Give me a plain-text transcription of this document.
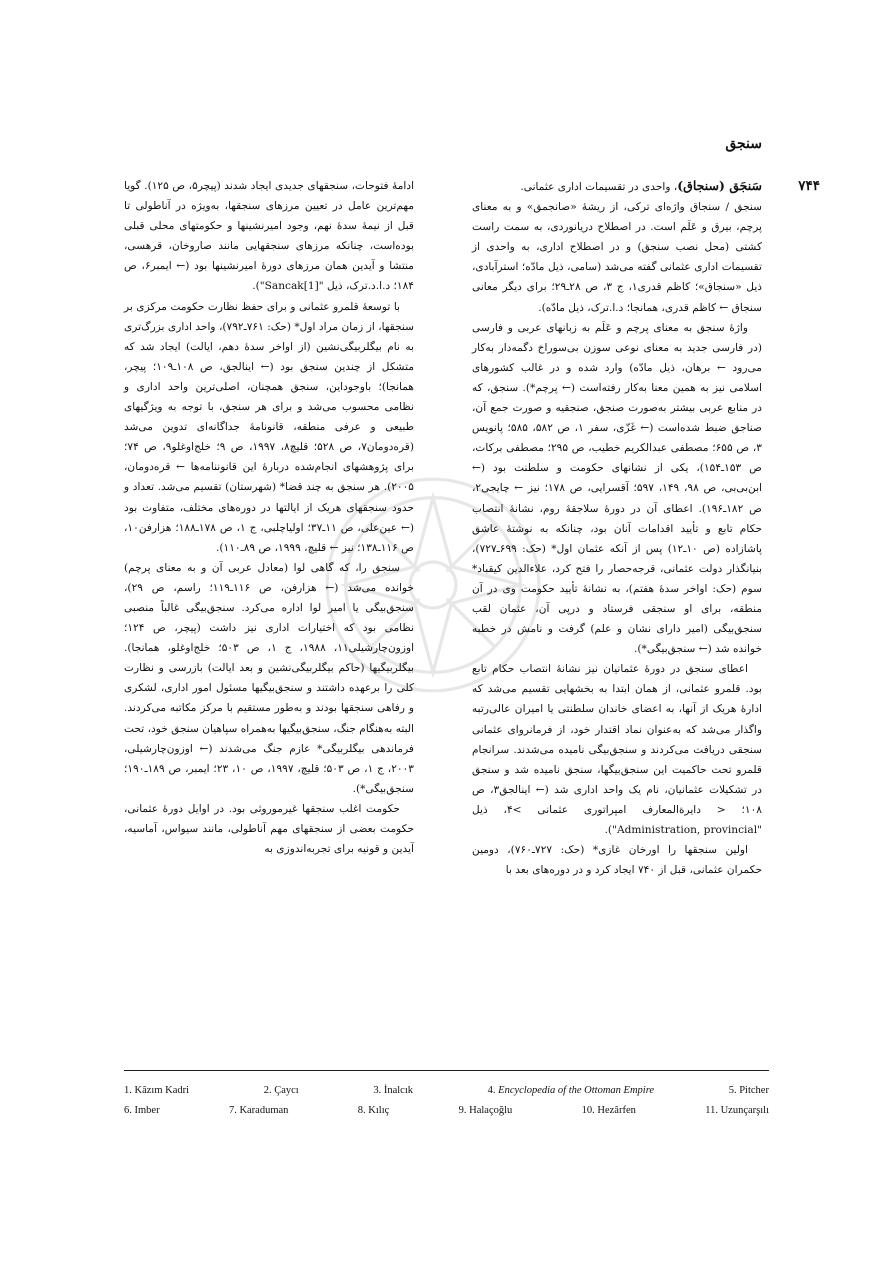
سنجق
۷۴۴

سَنجَق (سنجاق)، واحدی در تقسیمات اداری عثمانی.

سنجق / سنجاق واژه‌ای ترکی، از ریشهٔ «صانجمق» و به معنای پرچم، بیرق و عَلَم است. در اصطلاح دریانوردی، به سمت راست کشتی (محل نصب سنجق) و در اصطلاح اداری، به واحدی از تقسیمات اداری عثمانی گفته می‌شد (سامی، ذیل مادّه؛ استرآبادی، ذیل «سنجاق»؛ کاظم قدری۱، ج ۳، ص ۲۸ـ۲۹؛ برای دیگر معانی سنجاق ← کاظم قدری، همانجا؛ د.ا.ترک، ذیل مادّه).

واژهٔ سنجق به معنای پرچم و عَلَم به زبانهای عربی و فارسی (در فارسی جدید به معنای نوعی سوزن بی‌سوراخ دگمه‌دار به‌کار می‌رود ← برهان، ذیل مادّه) وارد شده و در غالب کشورهای اسلامی نیز به همین معنا به‌کار رفته‌است (← پرچم*). سنجق، که در منابع عربی بیشتر به‌صورت صنجق، صنجقیه و صورت جمع آن، صناجق ضبط شده‌است (← غَزّی، سفر ۱، ص ۵۸۲، ۵۸۵؛ پانویس ۳، ص ۶۵۵؛ مصطفی عبدالکریم خطیب، ص ۲۹۵؛ مصطفی برکات، ص ۱۵۳ـ۱۵۴)، یکی از نشانهای حکومت و سلطنت بود (← ابن‌بی‌بی، ص ۹۸، ۱۴۹، ۵۹۷؛ آقسرایی، ص ۱۷۸؛ نیز ← چایجی۲، ص ۱۸۲ـ۱۹۶). اعطای آن در دورهٔ سلاجقهٔ روم، نشانهٔ انتصاب حکام تابع و تأیید اقدامات آنان بود، چنانکه به نوشتهٔ عاشق پاشازاده (ص ۱۰ـ۱۲) پس از آنکه عثمان اول* (حک: ۶۹۹ـ۷۲۷)، بنیانگذار دولت عثمانی، قرجه‌حصار را فتح کرد، علاءالدین کیقباد* سوم (حک: اواخر سدهٔ هفتم)، به نشانهٔ تأیید حکومت وی در آن منطقه، برای او سنجقی فرستاد و درپی آن، عثمان لقب سنجق‌بیگی (امیر دارای نشان و علم) گرفت و نامش در خطبه خوانده شد (← سنجق‌بیگی*).

اعطای سنجق در دورهٔ عثمانیان نیز نشانهٔ انتصاب حکام تابع بود. قلمرو عثمانی، از همان ابتدا به بخشهایی تقسیم می‌شد که ادارهٔ هریک از آنها، به اعضای خاندان سلطنتی یا امیران عالی‌رتبه واگذار می‌شد که به‌عنوان نماد اقتدار خود، از فرمانروای عثمانی سنجقی دریافت می‌کردند و سنجق‌بیگی نامیده می‌شدند. سرانجام قلمرو تحت حاکمیت این سنجق‌بیگها، سنجق نامیده شد و سنجق در تشکیلات عثمانیان، نام یک واحد اداری شد (← اینالجق۳، ص ۱۰۸؛ < دایرةالمعارف امپراتوری عثمانی >۴، ذیل "Administration, provincial").

اولین سنجقها را اورخان غازی* (حک: ۷۲۷ـ۷۶۰)، دومین حکمران عثمانی، قبل از ۷۴۰ ایجاد کرد و در دوره‌های بعد با

ادامهٔ فتوحات، سنجقهای جدیدی ایجاد شدند (پیچر۵، ص ۱۲۵). گویا مهم‌ترین عامل در تعیین مرزهای سنجقها، به‌ویژه در آناطولی تا قبل از نیمهٔ سدهٔ نهم، وجود امیرنشینها و حکومتهای محلی قبلی بوده‌است، چنانکه مرزهای سنجقهایی مانند صاروخان، قرهسی، منتشا و آیدین همان مرزهای دورهٔ امیرنشینها بود (← ایمبر۶، ص ۱۸۴؛ د.ا.د.ترک، ذیل "Sancak[1]").

با توسعهٔ قلمرو عثمانی و برای حفظ نظارت حکومت مرکزی بر سنجقها، از زمان مراد اول* (حک: ۷۶۱ـ۷۹۲)، واحد اداری بزرگ‌تری به نام بیگلربیگی‌نشین (از اواخر سدهٔ دهم، ایالت) ایجاد شد که متشکل از چندین سنجق بود (← اینالجق، ص ۱۰۸ـ۱۰۹؛ پیچر، همانجا)؛ باوجوداین، سنجق همچنان، اصلی‌ترین واحد اداری و نظامی محسوب می‌شد و برای هر سنجق، با توجه به ویژگیهای طبیعی و عرفی منطقه، قانونامهٔ جداگانه‌ای تدوین می‌شد (قره‌دومان۷، ص ۵۲۸؛ قلیچ۸، ۱۹۹۷، ص ۹؛ خلج‌اوغلو۹، ص ۷۴؛ برای پژوهشهای انجام‌شده دربارهٔ این قانوننامه‌ها ← قره‌دومان، ۲۰۰۵). هر سنجق به چند قضا* (شهرستان) تقسیم می‌شد. تعداد و حدود سنجقهای هریک از ایالتها در دوره‌های مختلف، متفاوت بود (← عین‌علی، ص ۱۱ـ۳۷؛ اولیاچلبی، ج ۱، ص ۱۷۸ـ۱۸۸؛ هزارفن۱۰، ص ۱۱۶ـ۱۳۸؛ نیز ← قلیچ، ۱۹۹۹، ص ۸۹ـ۱۱۰).

سنجق را، که گاهی لوا (معادل عربی آن و به معنای پرچم) خوانده می‌شد (← هزارفن، ص ۱۱۶ـ۱۱۹؛ راسم، ص ۲۹)، سنجق‌بیگی یا امیر لوا اداره می‌کرد. سنجق‌بیگی غالباً منصبی نظامی بود که اختیارات اداری نیز داشت (پیچر، ص ۱۲۴؛ اوزون‌چارشیلی۱۱، ۱۹۸۸، ج ۱، ص ۵۰۳؛ خلج‌اوغلو، همانجا). بیگلربیگیها (حاکم بیگلربیگی‌نشین و بعد ایالت) بازرسی و نظارت کلی را برعهده داشتند و سنجق‌بیگیها مسئول امور اداری، لشکری و رفاهی سنجقها بودند و به‌طور مستقیم با مرکز مکاتبه می‌کردند. البته به‌هنگام جنگ، سنجق‌بیگیها به‌همراه سپاهیان سنجق خود، تحت فرماندهی بیگلربیگی* عازم جنگ می‌شدند (← اوزون‌چارشیلی، ۲۰۰۳، ج ۱، ص ۵۰۳؛ قلیچ، ۱۹۹۷، ص ۱۰، ۲۳؛ ایمبر، ص ۱۸۹ـ۱۹۰؛ سنجق‌بیگی*).

حکومت اغلب سنجقها غیرموروثی بود. در اوایل دورهٔ عثمانی، حکومت بعضی از سنجقهای مهم آناطولی، مانند سیواس، آماسیه، آیدین و قونیه برای تجربه‌اندوزی به

1. Kâzım Kadri	2. Çaycı	3. İnalcık	4. Encyclopedia of the Ottoman Empire	5. Pitcher
6. Imber	7. Karaduman	8. Kılıç	9. Halaçoğlu	10. Hezârfen	11. Uzunçarşılı
